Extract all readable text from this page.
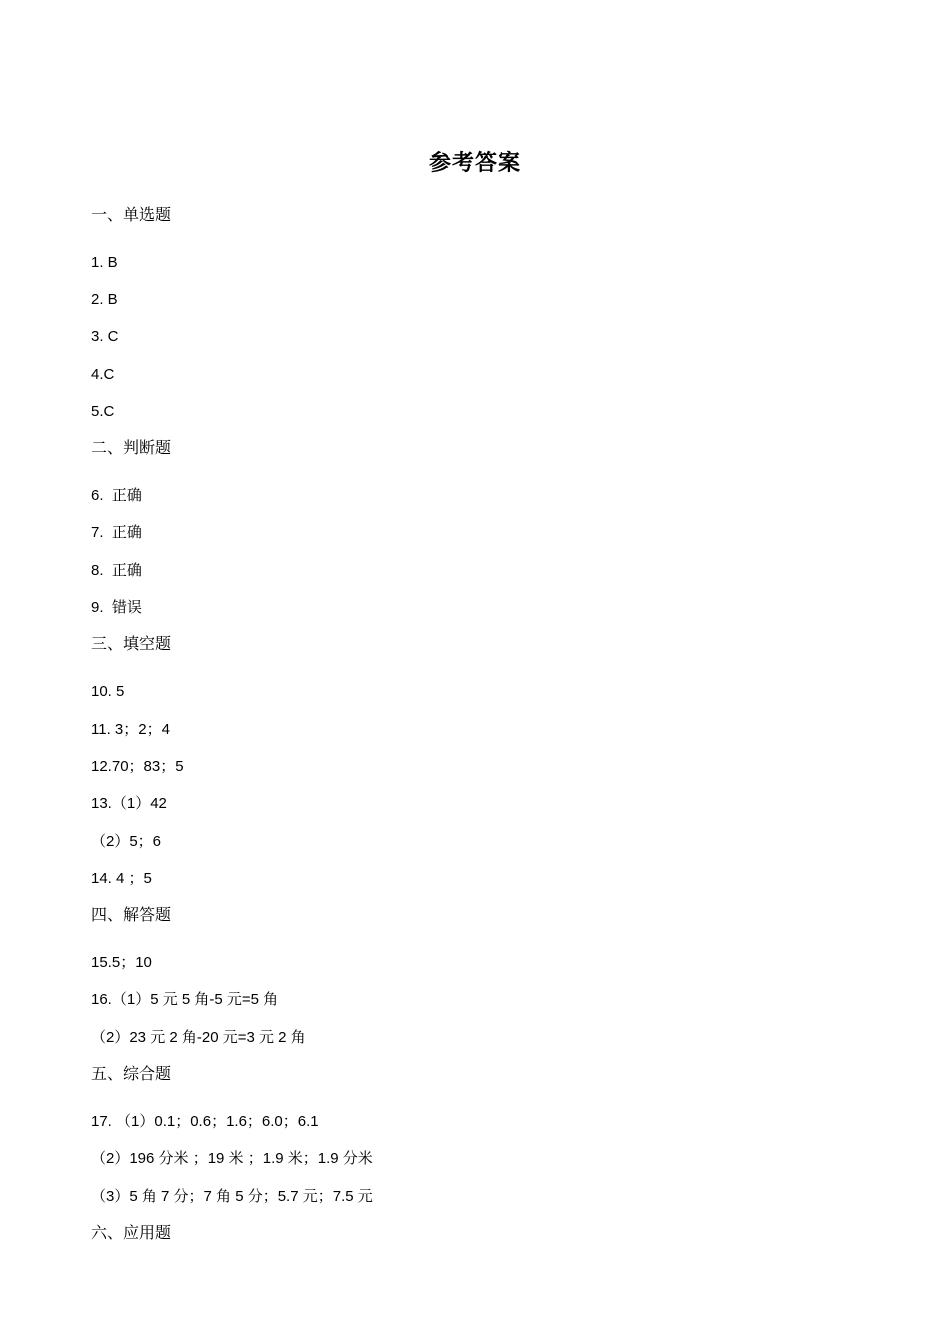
参考答案
一、单选题
1. B
2. B
3. C
4.C
5.C
二、判断题
6.  正确
7.  正确
8.  正确
9.  错误
三、填空题
10. 5
11. 3；2；4
12.70；83；5
13.（1）42
（2）5；6
14. 4 ；5
四、解答题
15.5；10
16.（1）5 元 5 角-5 元=5 角
（2）23 元 2 角-20 元=3 元 2 角
五、综合题
17. （1）0.1；0.6；1.6；6.0；6.1
（2）196 分米 ；19 米 ；1.9 米；1.9 分米
（3）5 角 7 分；7 角 5 分；5.7 元；7.5 元
六、应用题
